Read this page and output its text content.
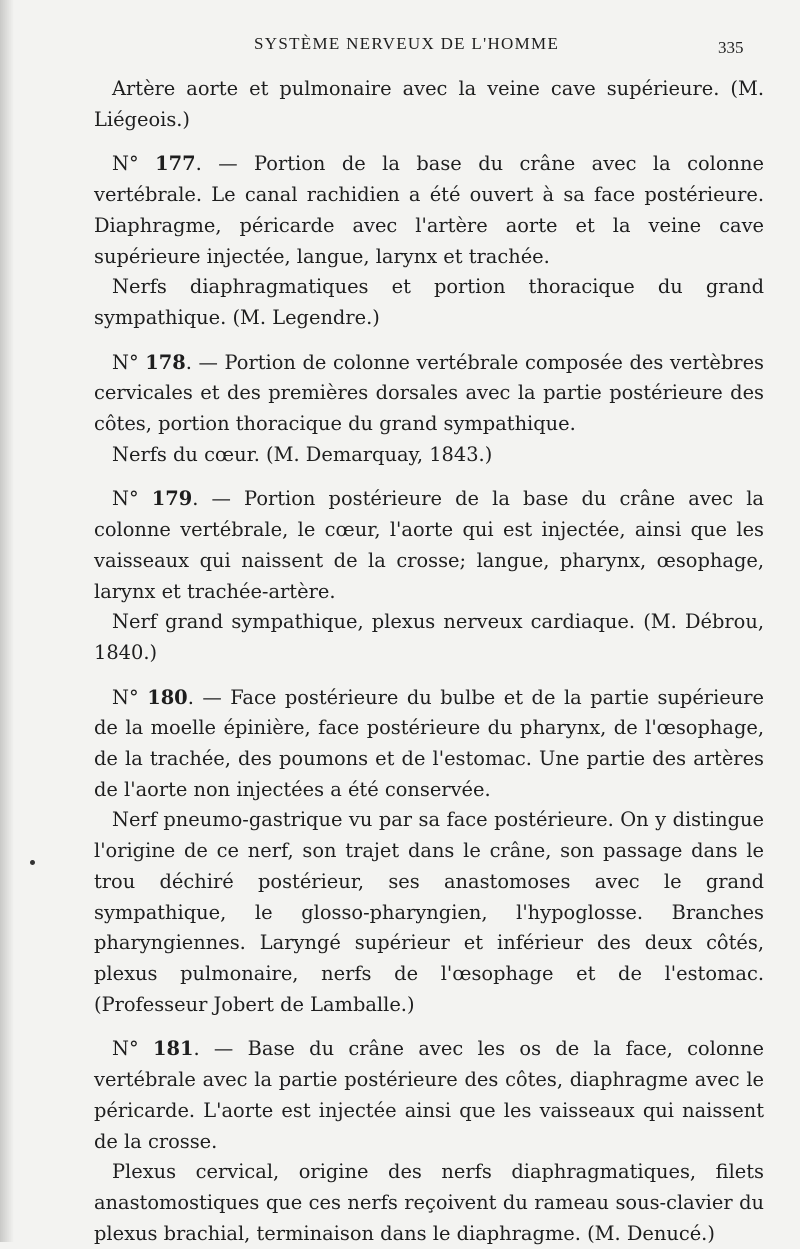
SYSTÈME NERVEUX DE L'HOMME	335

Artère aorte et pulmonaire avec la veine cave supérieure. (M. Liégeois.)

N° 177. — Portion de la base du crâne avec la colonne vertébrale. Le canal rachidien a été ouvert à sa face postérieure. Diaphragme, péricarde avec l'artère aorte et la veine cave supérieure injectée, langue, larynx et trachée.

Nerfs diaphragmatiques et portion thoracique du grand sympathique. (M. Legendre.)

N° 178. — Portion de colonne vertébrale composée des vertèbres cervicales et des premières dorsales avec la partie postérieure des côtes, portion thoracique du grand sympathique.

Nerfs du cœur. (M. Demarquay, 1843.)

N° 179. — Portion postérieure de la base du crâne avec la colonne vertébrale, le cœur, l'aorte qui est injectée, ainsi que les vaisseaux qui naissent de la crosse; langue, pharynx, œsophage, larynx et trachée-artère.

Nerf grand sympathique, plexus nerveux cardiaque. (M. Débrou, 1840.)

N° 180. — Face postérieure du bulbe et de la partie supérieure de la moelle épinière, face postérieure du pharynx, de l'œsophage, de la trachée, des poumons et de l'estomac. Une partie des artères de l'aorte non injectées a été conservée.

Nerf pneumo-gastrique vu par sa face postérieure. On y distingue l'origine de ce nerf, son trajet dans le crâne, son passage dans le trou déchiré postérieur, ses anastomoses avec le grand sympathique, le glosso-pharyngien, l'hypoglosse. Branches pharyngiennes. Laryngé supérieur et inférieur des deux côtés, plexus pulmonaire, nerfs de l'œsophage et de l'estomac. (Professeur Jobert de Lamballe.)

N° 181. — Base du crâne avec les os de la face, colonne vertébrale avec la partie postérieure des côtes, diaphragme avec le péricarde. L'aorte est injectée ainsi que les vaisseaux qui naissent de la crosse.

Plexus cervical, origine des nerfs diaphragmatiques, filets anastomostiques que ces nerfs reçoivent du rameau sous-clavier du plexus brachial, terminaison dans le diaphragme. (M. Denucé.)
